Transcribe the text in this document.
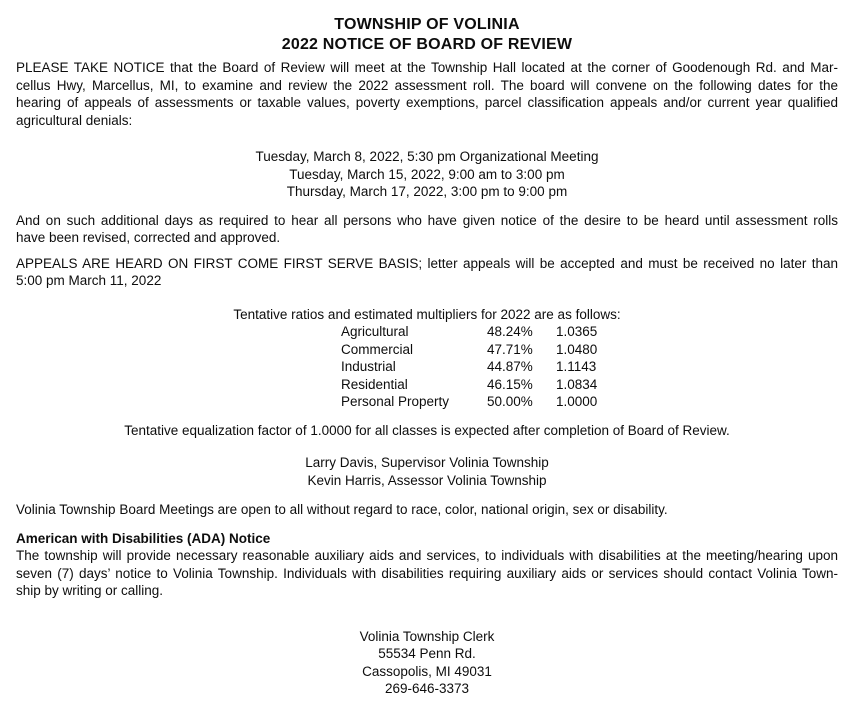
TOWNSHIP OF VOLINIA
2022 NOTICE OF BOARD OF REVIEW
PLEASE TAKE NOTICE that the Board of Review will meet at the Township Hall located at the corner of Goodenough Rd. and Mar-
cellus Hwy, Marcellus, MI, to examine and review the 2022 assessment roll. The board will convene on the following dates for the
hearing of appeals of assessments or taxable values, poverty exemptions, parcel classification appeals and/or current year qualified
agricultural denials:
Tuesday, March 8, 2022, 5:30 pm Organizational Meeting
Tuesday, March 15, 2022, 9:00 am to 3:00 pm
Thursday, March 17, 2022, 3:00 pm to 9:00 pm
And on such additional days as required to hear all persons who have given notice of the desire to be heard until assessment rolls
have been revised, corrected and approved.
APPEALS ARE HEARD ON FIRST COME FIRST SERVE BASIS; letter appeals will be accepted and must be received no later than
5:00 pm March 11, 2022
Tentative ratios and estimated multipliers for 2022 are as follows:
Agricultural	48.24%	1.0365
Commercial	47.71%	1.0480
Industrial	44.87%	1.1143
Residential	46.15%	1.0834
Personal Property	50.00%	1.0000
Tentative equalization factor of 1.0000 for all classes is expected after completion of Board of Review.
Larry Davis, Supervisor Volinia Township
Kevin Harris, Assessor Volinia Township
Volinia Township Board Meetings are open to all without regard to race, color, national origin, sex or disability.
American with Disabilities (ADA) Notice
The township will provide necessary reasonable auxiliary aids and services, to individuals with disabilities at the meeting/hearing upon
seven (7) days’ notice to Volinia Township. Individuals with disabilities requiring auxiliary aids or services should contact Volinia Town-
ship by writing or calling.
Volinia Township Clerk
55534 Penn Rd.
Cassopolis, MI 49031
269-646-3373
